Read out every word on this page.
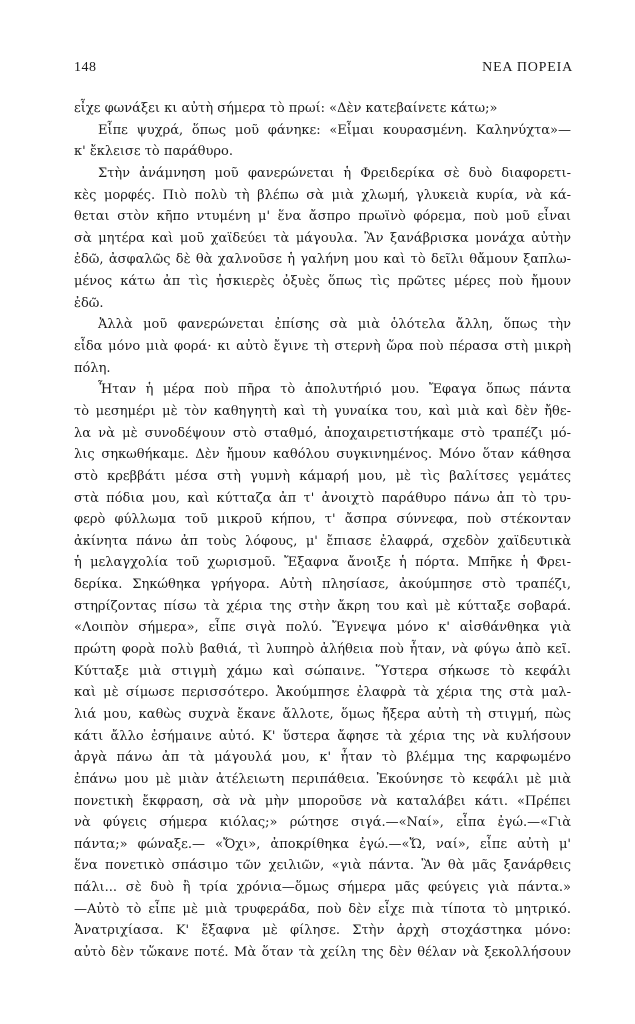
148	ΝΕΑ ΠΟΡΕΙΑ
εἶχε φωνάξει κι αὐτὴ σήμερα τὸ πρωί: «Δὲν κατεβαίνετε κάτω;»
Εἶπε ψυχρά, ὅπως μοῦ φάνηκε: «Εἶμαι κουρασμένη. Καληνύχτα»—
κ' ἔκλεισε τὸ παράθυρο.
Στὴν ἀνάμνηση μοῦ φανερώνεται ἡ Φρειδερίκα σὲ δυὸ διαφορετι-
κὲς μορφές. Πιὸ πολὺ τὴ βλέπω σὰ μιὰ χλωμή, γλυκειὰ κυρία, νὰ κά-
θεται στὸν κῆπο ντυμένη μ' ἕνα ἄσπρο πρωϊνὸ φόρεμα, ποὺ μοῦ εἶναι
σὰ μητέρα καὶ μοῦ χαϊδεύει τὰ μάγουλα. Ἂν ξανάβρισκα μονάχα αὐτὴν
ἐδῶ, ἀσφαλῶς δὲ θὰ χαλνοῦσε ἡ γαλήνη μου καὶ τὸ δεῖλι θἄμουν ξαπλω-
μένος κάτω ἀπ τὶς ἠσκιερὲς ὀξυὲς ὅπως τὶς πρῶτες μέρες ποὺ ἤμουν
ἐδῶ.
Ἀλλὰ μοῦ φανερώνεται ἐπίσης σὰ μιὰ ὁλότελα ἄλλη, ὅπως τὴν
εἶδα μόνο μιὰ φορά· κι αὐτὸ ἔγινε τὴ στερνὴ ὥρα ποὺ πέρασα στὴ μικρὴ
πόλη.
Ἦταν ἡ μέρα ποὺ πῆρα τὸ ἀπολυτήριό μου. Ἔφαγα ὅπως πάντα
τὸ μεσημέρι μὲ τὸν καθηγητὴ καὶ τὴ γυναίκα του, καὶ μιὰ καὶ δὲν ἤθε-
λα νὰ μὲ συνοδέψουν στὸ σταθμό, ἀποχαιρετιστήκαμε στὸ τραπέζι μό-
λις σηκωθήκαμε. Δὲν ἤμουν καθόλου συγκινημένος. Μόνο ὅταν κάθησα
στὸ κρεββάτι μέσα στὴ γυμνὴ κάμαρή μου, μὲ τὶς βαλίτσες γεμάτες
στὰ πόδια μου, καὶ κύτταζα ἀπ τ' ἀνοιχτὸ παράθυρο πάνω ἀπ τὸ τρυ-
φερὸ φύλλωμα τοῦ μικροῦ κήπου, τ' ἄσπρα σύννεφα, ποὺ στέκονταν
ἀκίνητα πάνω ἀπ τοὺς λόφους, μ' ἔπιασε ἐλαφρά, σχεδὸν χαϊδευτικὰ
ἡ μελαγχολία τοῦ χωρισμοῦ. Ἔξαφνα ἄνοιξε ἡ πόρτα. Μπῆκε ἡ Φρει-
δερίκα. Σηκώθηκα γρήγορα. Αὐτὴ πλησίασε, ἀκούμπησε στὸ τραπέζι,
στηρίζοντας πίσω τὰ χέρια της στὴν ἄκρη του καὶ μὲ κύτταξε σοβαρά.
«Λοιπὸν σήμερα», εἶπε σιγὰ πολύ. Ἔγνεψα μόνο κ' αἰσθάνθηκα γιὰ
πρώτη φορὰ πολὺ βαθιά, τὶ λυπηρὸ ἀλήθεια ποὺ ἦταν, νὰ φύγω ἀπὸ κεῖ.
Κύτταξε μιὰ στιγμὴ χάμω καὶ σώπαινε. Ὕστερα σήκωσε τὸ κεφάλι
καὶ μὲ σίμωσε περισσότερο. Ἀκούμπησε ἐλαφρὰ τὰ χέρια της στὰ μαλ-
λιά μου, καθὼς συχνὰ ἔκανε ἄλλοτε, ὅμως ἤξερα αὐτὴ τὴ στιγμή, πὼς
κάτι ἄλλο ἐσήμαινε αὐτό. Κ' ὕστερα ἄφησε τὰ χέρια της νὰ κυλήσουν
ἀργὰ πάνω ἀπ τὰ μάγουλά μου, κ' ἦταν τὸ βλέμμα της καρφωμένο
ἐπάνω μου μὲ μιὰν ἀτέλειωτη περιπάθεια. Ἐκούνησε τὸ κεφάλι μὲ μιὰ
πονετικὴ ἔκφραση, σὰ νὰ μὴν μποροῦσε νὰ καταλάβει κάτι. «Πρέπει
νὰ φύγεις σήμερα κιόλας;» ρώτησε σιγά.—«Ναί», εἶπα ἐγώ.—«Γιὰ
πάντα;» φώναξε.— «Ὄχι», ἀποκρίθηκα ἐγώ.—«Ὤ, ναί», εἶπε αὐτὴ μ'
ἕνα πονετικὸ σπάσιμο τῶν χειλιῶν, «γιὰ πάντα. Ἂν θὰ μᾶς ξανάρθεις
πάλι... σὲ δυὸ ἢ τρία χρόνια—ὅμως σήμερα μᾶς φεύγεις γιὰ πάντα.»
—Αὐτὸ τὸ εἶπε μὲ μιὰ τρυφεράδα, ποὺ δὲν εἶχε πιὰ τίποτα τὸ μητρικό.
Ἀνατριχίασα. Κ' ἔξαφνα μὲ φίλησε. Στὴν ἀρχὴ στοχάστηκα μόνο:
αὐτὸ δὲν τὥκανε ποτέ. Μὰ ὅταν τὰ χείλη της δὲν θέλαν νὰ ξεκολλήσουν
